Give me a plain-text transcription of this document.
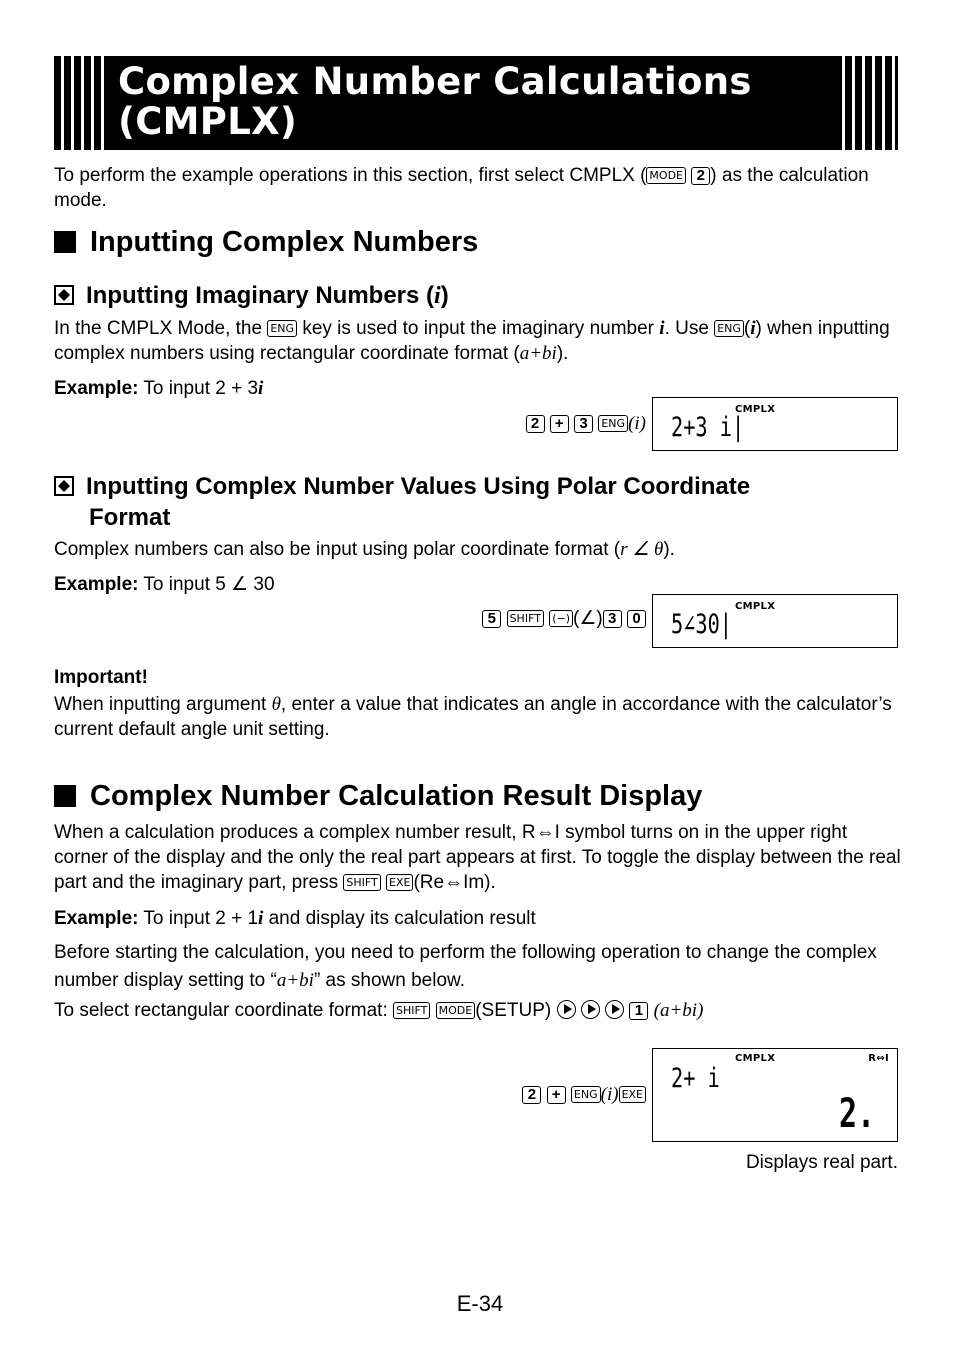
Complex Number Calculations
(CMPLX)

To perform the example operations in this section, first select CMPLX ( MODE 2 ) as the calculation mode.

Inputting Complex Numbers
Inputting Imaginary Numbers (i)

In the CMPLX Mode, the ENG key is used to input the imaginary number i. Use ENG (i) when inputting complex numbers using rectangular coordinate format (a+bi).

Example: To input 2 + 3i

2 + 3 ENG (i)
CMPLX
2+3 i|
Inputting Complex Number Values Using Polar Coordinate
Format

Complex numbers can also be input using polar coordinate format (r ∠ θ).

Example: To input 5 ∠ 30

5 SHIFT (−) (∠) 3 0
CMPLX
5∠30|

Important!

When inputting argument θ, enter a value that indicates an angle in accordance with the calculator’s current default angle unit setting.

Complex Number Calculation Result Display

When a calculation produces a complex number result, R⇔I symbol turns on in the upper right corner of the display and the only the real part appears at first. To toggle the display between the real part and the imaginary part, press SHIFT EXE (Re⇔Im).

Example: To input 2 + 1i and display its calculation result

Before starting the calculation, you need to perform the following operation to change the complex number display setting to “a+bi” as shown below.

To select rectangular coordinate format: SHIFT MODE (SETUP)	1 (a+bi)

2 + ENG (i) EXE
CMPLX	R⇔I
2+ i
2.

Displays real part.

E-34
